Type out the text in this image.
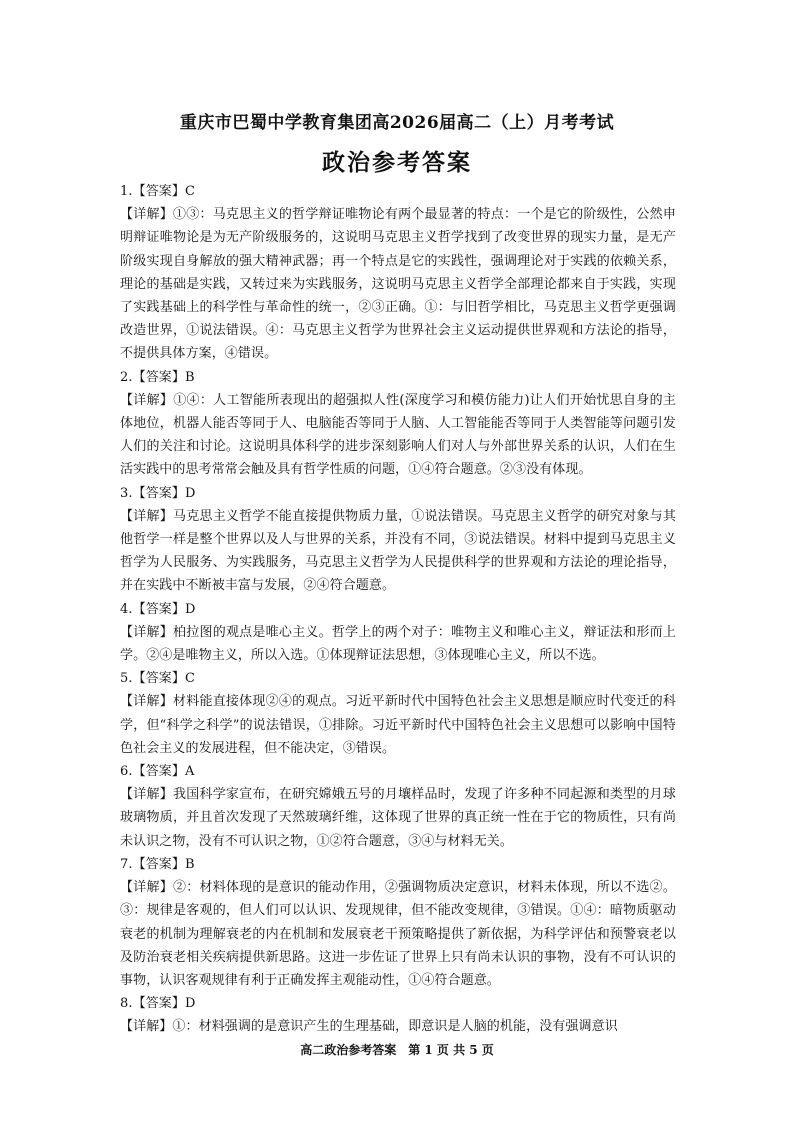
重庆市巴蜀中学教育集团高2026届高二（上）月考考试
政治参考答案
1.【答案】C
【详解】①③：马克思主义的哲学辩证唯物论有两个最显著的特点：一个是它的阶级性，公然申明辩证唯物论是为无产阶级服务的，这说明马克思主义哲学找到了改变世界的现实力量，是无产阶级实现自身解放的强大精神武器；再一个特点是它的实践性，强调理论对于实践的依赖关系，理论的基础是实践，又转过来为实践服务，这说明马克思主义哲学全部理论都来自于实践，实现了实践基础上的科学性与革命性的统一，②③正确。①：与旧哲学相比，马克思主义哲学更强调改造世界，①说法错误。④：马克思主义哲学为世界社会主义运动提供世界观和方法论的指导，不提供具体方案，④错误。
2.【答案】B
【详解】①④：人工智能所表现出的超强拟人性(深度学习和模仿能力)让人们开始忧思自身的主体地位，机器人能否等同于人、电脑能否等同于人脑、人工智能能否等同于人类智能等问题引发人们的关注和讨论。这说明具体科学的进步深刻影响人们对人与外部世界关系的认识，人们在生活实践中的思考常常会触及具有哲学性质的问题，①④符合题意。②③没有体现。
3.【答案】D
【详解】马克思主义哲学不能直接提供物质力量，①说法错误。马克思主义哲学的研究对象与其他哲学一样是整个世界以及人与世界的关系，并没有不同，③说法错误。材料中提到马克思主义哲学为人民服务、为实践服务，马克思主义哲学为人民提供科学的世界观和方法论的理论指导，并在实践中不断被丰富与发展，②④符合题意。
4.【答案】D
【详解】柏拉图的观点是唯心主义。哲学上的两个对子：唯物主义和唯心主义，辩证法和形而上学。②④是唯物主义，所以入选。①体现辩证法思想，③体现唯心主义，所以不选。
5.【答案】C
【详解】材料能直接体现②④的观点。习近平新时代中国特色社会主义思想是顺应时代变迁的科学，但“科学之科学”的说法错误，①排除。习近平新时代中国特色社会主义思想可以影响中国特色社会主义的发展进程，但不能决定，③错误。
6.【答案】A
【详解】我国科学家宣布，在研究嫦娥五号的月壤样品时，发现了许多种不同起源和类型的月球玻璃物质，并且首次发现了天然玻璃纤维，这体现了世界的真正统一性在于它的物质性，只有尚未认识之物，没有不可认识之物，①②符合题意，③④与材料无关。
7.【答案】B
【详解】②：材料体现的是意识的能动作用，②强调物质决定意识，材料未体现，所以不选②。③：规律是客观的，但人们可以认识、发现规律，但不能改变规律，③错误。①④：暗物质驱动衰老的机制为理解衰老的内在机制和发展衰老干预策略提供了新依据，为科学评估和预警衰老以及防治衰老相关疾病提供新思路。这进一步佐证了世界上只有尚未认识的事物，没有不可认识的事物，认识客观规律有利于正确发挥主观能动性，①④符合题意。
8.【答案】D
【详解】①：材料强调的是意识产生的生理基础，即意识是人脑的机能，没有强调意识
高二政治参考答案　第 1 页 共 5 页
